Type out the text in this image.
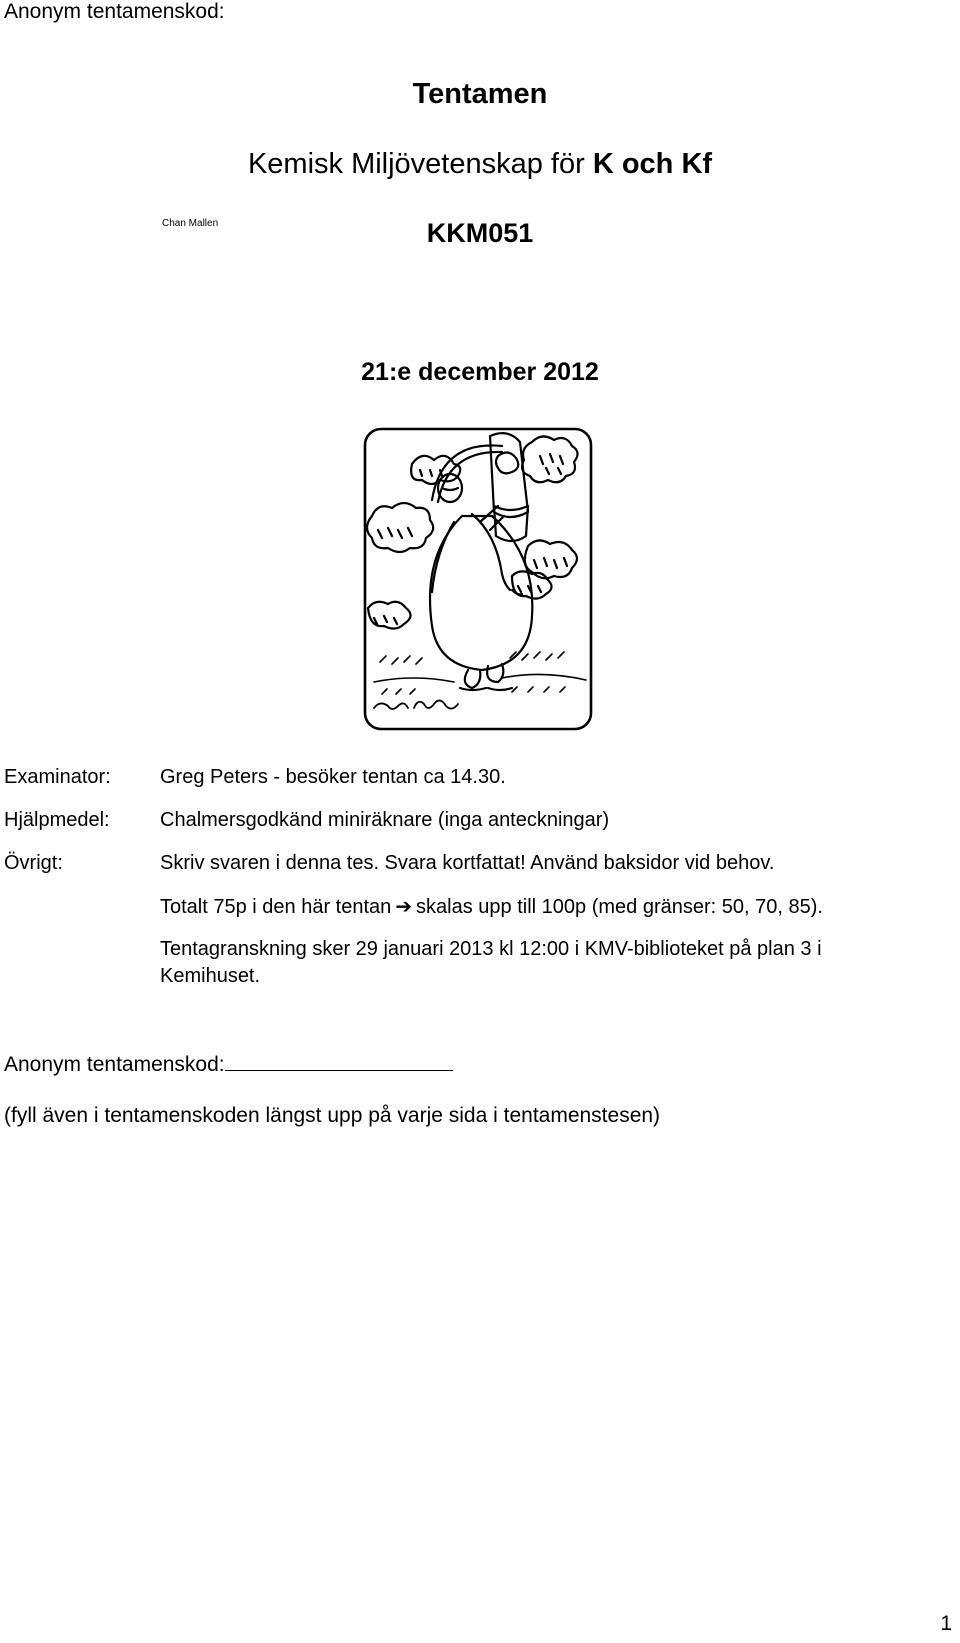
Anonym tentamenskod:
Tentamen
Kemisk Miljövetenskap för K och Kf
KKM051
21:e december 2012
Chan Mallen
Examinator: Greg Peters - besöker tentan ca 14.30.
Hjälpmedel:	Chalmersgodkänd miniräknare (inga anteckningar)
Övrigt:	Skriv svaren i denna tes. Svara kortfattat! Använd baksidor vid behov.
Totalt 75p i den här tentan ➔ skalas upp till 100p (med gränser: 50, 70, 85).
Tentagranskning sker 29 januari 2013 kl 12:00 i KMV-biblioteket på plan 3 i Kemihuset.
Anonym tentamenskod:
(fyll även i tentamenskoden längst upp på varje sida i tentamenstesen)
1
